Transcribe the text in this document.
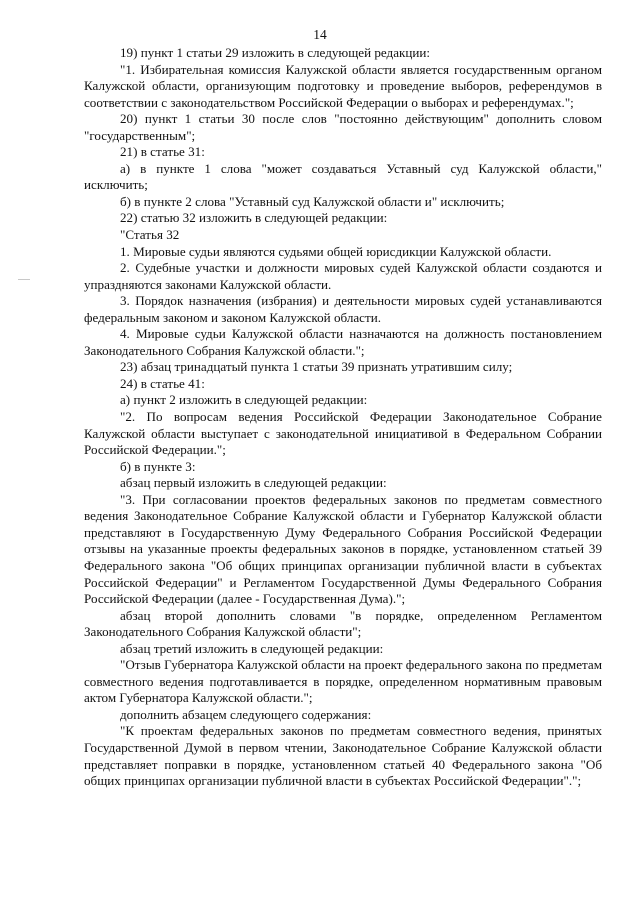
14

19) пункт 1 статьи 29 изложить в следующей редакции:

"1. Избирательная комиссия Калужской области является государственным органом Калужской области, организующим подготовку и проведение выборов, референдумов в соответствии с законодательством Российской Федерации о выборах и референдумах.";

20) пункт 1 статьи 30 после слов "постоянно действующим" дополнить словом "государственным";

21) в статье 31:

а) в пункте 1 слова "может создаваться Уставный суд Калужской области," исключить;

б) в пункте 2 слова "Уставный суд Калужской области и" исключить;

22) статью 32 изложить в следующей редакции:

"Статья 32

1. Мировые судьи являются судьями общей юрисдикции Калужской области.

2. Судебные участки и должности мировых судей Калужской области создаются и упраздняются законами Калужской области.

3. Порядок назначения (избрания) и деятельности мировых судей устанавливаются федеральным законом и законом Калужской области.

4. Мировые судьи Калужской области назначаются на должность постановлением Законодательного Собрания Калужской области.";

23) абзац тринадцатый пункта 1 статьи 39 признать утратившим силу;

24) в статье 41:

а) пункт 2 изложить в следующей редакции:

"2. По вопросам ведения Российской Федерации Законодательное Собрание Калужской области выступает с законодательной инициативой в Федеральном Собрании Российской Федерации.";

б) в пункте 3:

абзац первый изложить в следующей редакции:

"3. При согласовании проектов федеральных законов по предметам совместного ведения Законодательное Собрание Калужской области и Губернатор Калужской области представляют в Государственную Думу Федерального Собрания Российской Федерации отзывы на указанные проекты федеральных законов в порядке, установленном статьей 39 Федерального закона "Об общих принципах организации публичной власти в субъектах Российской Федерации" и Регламентом Государственной Думы Федерального Собрания Российской Федерации (далее - Государственная Дума).";

абзац второй дополнить словами "в порядке, определенном Регламентом Законодательного Собрания Калужской области";

абзац третий изложить в следующей редакции:

"Отзыв Губернатора Калужской области на проект федерального закона по предметам совместного ведения подготавливается в порядке, определенном нормативным правовым актом Губернатора Калужской области.";

дополнить абзацем следующего содержания:

"К проектам федеральных законов по предметам совместного ведения, принятых Государственной Думой в первом чтении, Законодательное Собрание Калужской области представляет поправки в порядке, установленном статьей 40 Федерального закона "Об общих принципах организации публичной власти в субъектах Российской Федерации".";
